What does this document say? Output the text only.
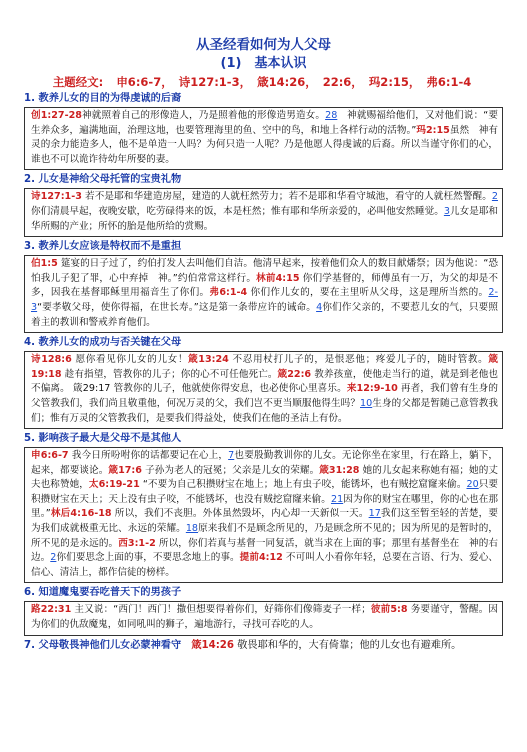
从圣经看如何为人父母
(1)　基本认识
主题经文: 申6:6-7， 诗127:1-3， 箴14:26， 22:6， 玛2:15， 弗6:1-4
1. 教养儿女的目的为得虔诚的后裔
创1:27-28神就照着自己的形像造人，乃是照着他的形像造男造女。28　神就赐福给他们，又对他们说：“要生养众多，遍满地面，治理这地，也要管理海里的鱼、空中的鸟，和地上各样行动的活物。”玛2:15虽然　神有灵的余力能造多人，他不是单造一人吗？为何只造一人呢？乃是他愿人得虔诚的后裔。所以当谨守你们的心，谁也不可以诡诈待幼年所娶的妻。
2. 儿女是神给父母托管的宝贵礼物
诗127:1-3 若不是耶和华建造房屋，建造的人就枉然劳力；若不是耶和华看守城池，看守的人就枉然警醒。2你们清晨早起，夜晚安歇，吃劳碌得来的饭，本是枉然；惟有耶和华所亲爱的，必叫他安然睡觉。3儿女是耶和华所赐的产业；所怀的胎是他所给的赏赐。
3. 教养儿女应该是特权而不是重担
伯1:5 筵宴的日子过了，约伯打发人去叫他们自洁。他清早起来，按着他们众人的数目献燔祭；因为他说：“恐怕我儿子犯了罪，心中弃掉　神。”约伯常常这样行。林前4:15 你们学基督的，师傅虽有一万，为父的却是不多，因我在基督耶稣里用福音生了你们。弗6:1-4 你们作儿女的，要在主里听从父母，这是理所当然的。2-3“要孝敬父母，使你得福，在世长寿。”这是第一条带应许的诫命。4你们作父亲的，不要惹儿女的气，只要照着主的教训和警戒养育他们。
4. 教养儿女的成功与否关键在父母
诗128:6 愿你看见你儿女的儿女！箴13:24 不忍用杖打儿子的，是恨恶他；疼爱儿子的，随时管教。箴19:18 趁有指望，管教你的儿子；你的心不可任他死亡。箴22:6 教养孩童，使他走当行的道，就是到老他也不偏离。 箴29:17 管教你的儿子，他就使你得安息，也必使你心里喜乐。来12:9-10 再者，我们曾有生身的父管教我们，我们尚且敬重他，何况万灵的父，我们岂不更当顺服他得生吗？10生身的父都是暂随己意管教我们；惟有万灵的父管教我们，是要我们得益处，使我们在他的圣洁上有份。
5. 影响孩子最大是父母不是其他人
申6:6-7 我今日所吩咐你的话都要记在心上，7也要殷勤教训你的儿女。无论你坐在家里，行在路上，躺下，起来，都要谈论。箴17:6 子孙为老人的冠冕；父亲是儿女的荣耀。箴31:28 她的儿女起来称她有福；她的丈夫也称赞她，太6:19-21 “不要为自己积攒财宝在地上；地上有虫子咬，能锈坏，也有贼挖窟窿来偷。20只要积攒财宝在天上；天上没有虫子咬，不能锈坏，也没有贼挖窟窿来偷。21因为你的财宝在哪里，你的心也在那里。”林后4:16-18 所以，我们不丧胆。外体虽然毁坏，内心却一天新似一天。17我们这至暂至轻的苦楚，要为我们成就极重无比、永远的荣耀。18原来我们不是顾念所见的，乃是顾念所不见的；因为所见的是暂时的，所不见的是永远的。西3:1-2 所以，你们若真与基督一同复活，就当求在上面的事；那里有基督坐在　神的右边。2你们要思念上面的事，不要思念地上的事。提前4:12 不可叫人小看你年轻，总要在言语、行为、爱心、信心、清洁上，都作信徒的榜样。
6. 知道魔鬼要吞吃普天下的男孩子
路22:31 主又说：“西门！西门！撒但想要得着你们，好筛你们像筛麦子一样；彼前5:8 务要谨守，警醒。因为你们的仇敌魔鬼，如同吼叫的狮子，遍地游行，寻找可吞吃的人。
7. 父母敬畏神他们儿女必蒙神看守　 箴14:26 敬畏耶和华的，大有倚靠；他的儿女也有避难所。
